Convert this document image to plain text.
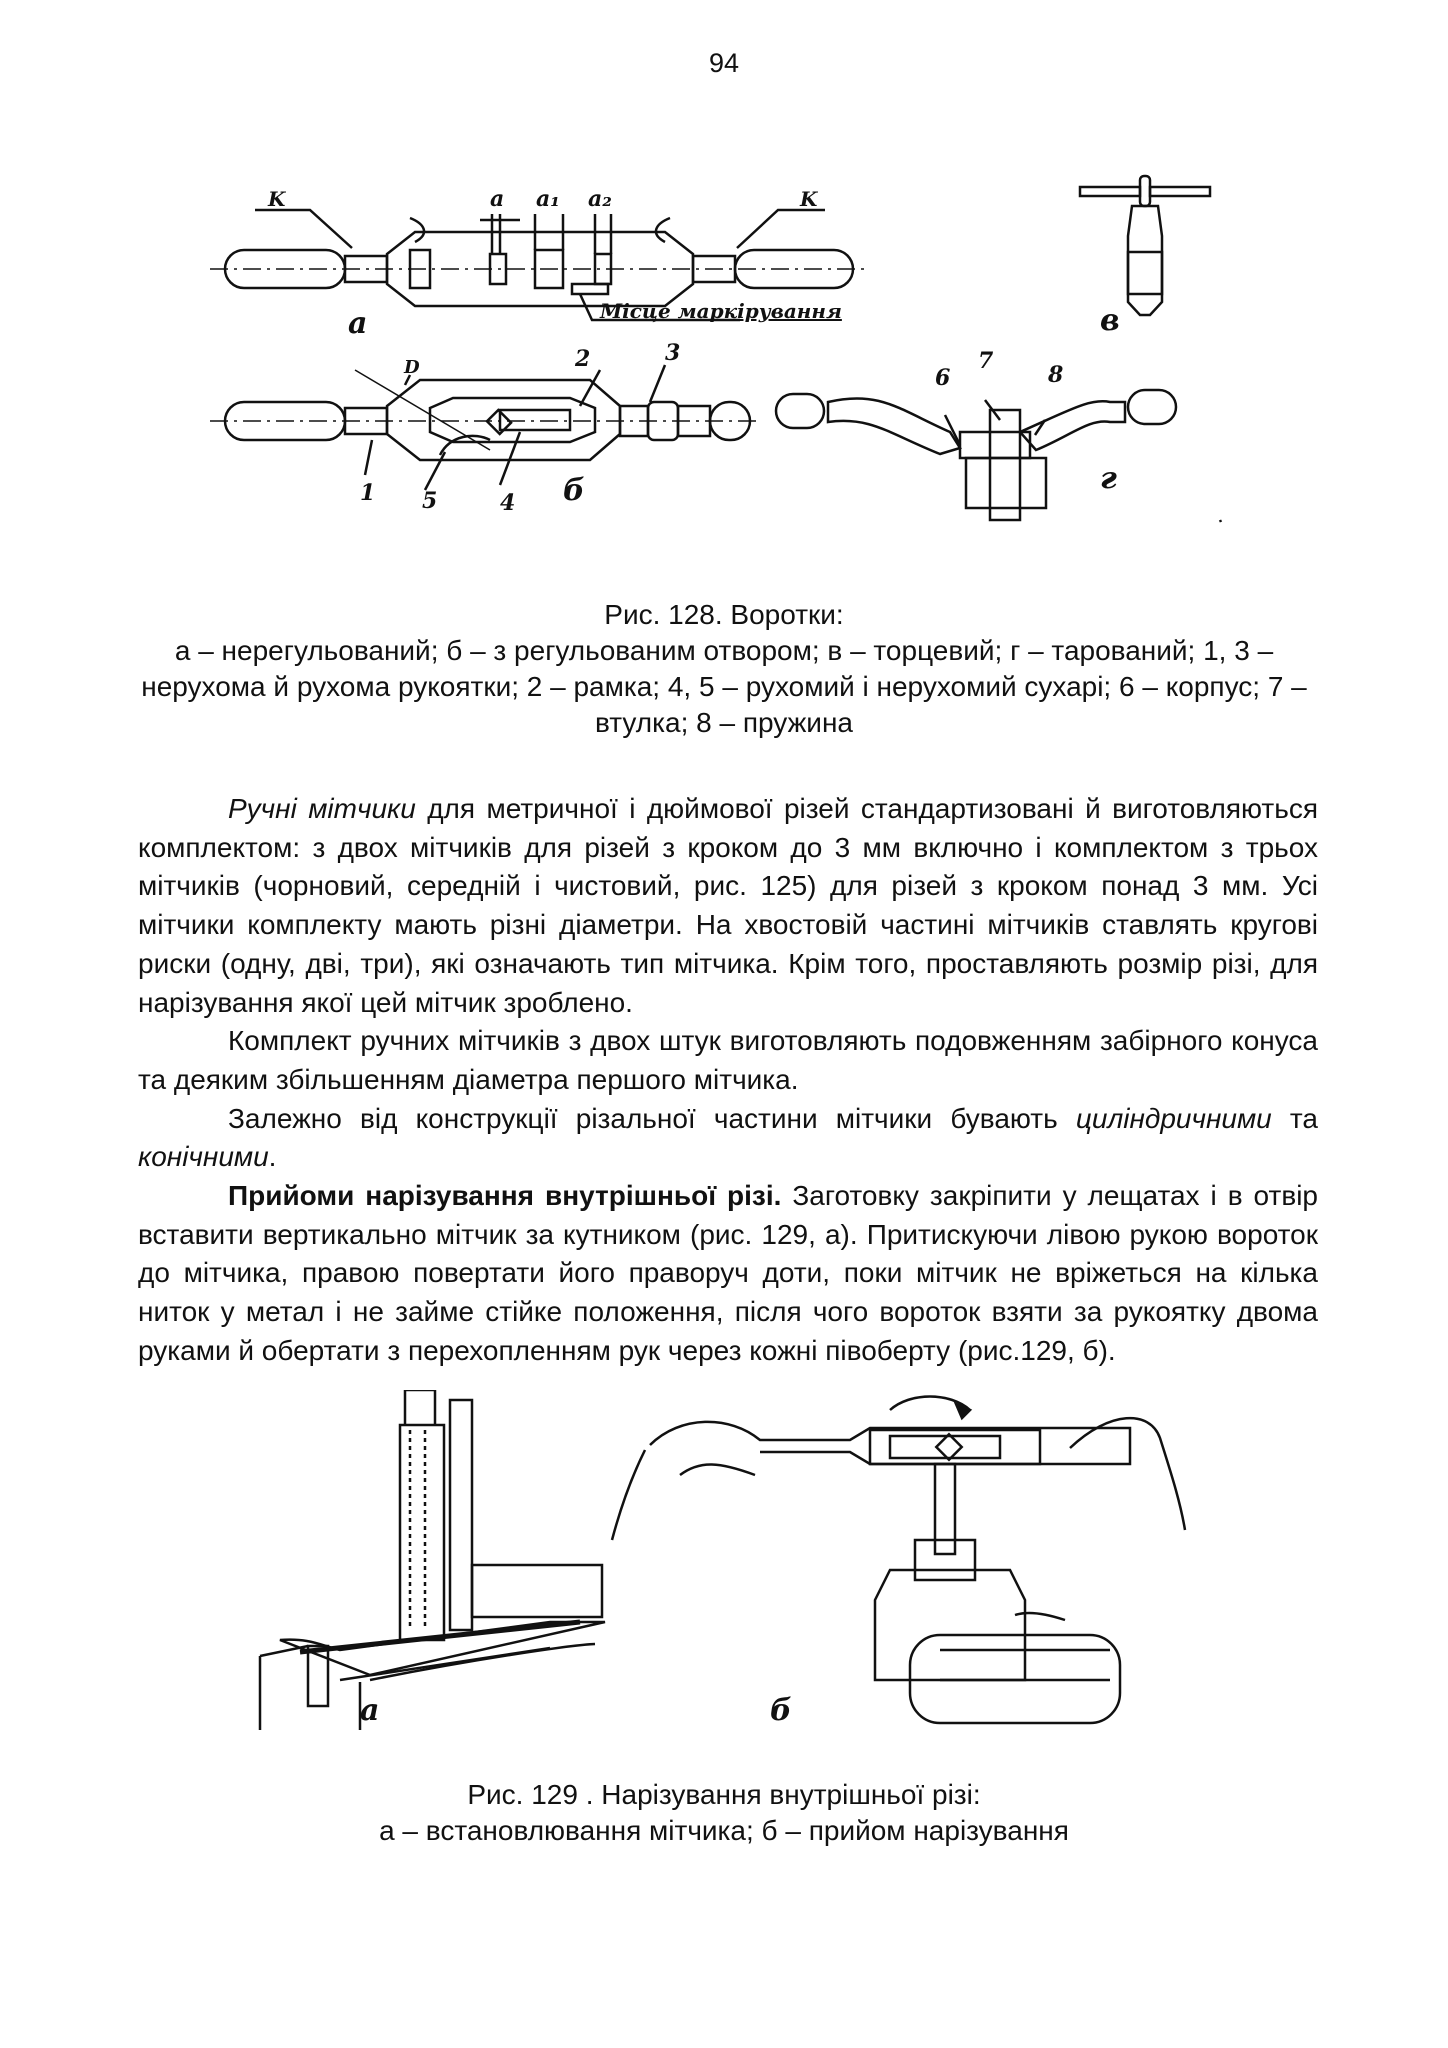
94
а
б
в
г
a a₁ a₂
K	K
D
Місце маркірування
1
2	3
4
5
6
7
8
Рис. 128. Воротки:
а – нерегульований; б – з регульованим отвором; в – торцевий; г – тарований; 1, 3 – нерухома й рухома рукоятки; 2 – рамка; 4, 5 – рухомий і нерухомий сухарі; 6 – корпус; 7 – втулка; 8 – пружина

Ручні мітчики для метричної і дюймової різей стандартизовані й виготовляються комплектом: з двох мітчиків для різей з кроком до 3 мм включно і комплектом з трьох мітчиків (чорновий, середній і чистовий, рис. 125) для різей з кроком понад 3 мм. Усі мітчики комплекту мають різні діаметри. На хвостовій частині мітчиків ставлять кругові риски (одну, дві, три), які означають тип мітчика. Крім того, проставляють розмір різі, для нарізування якої цей мітчик зроблено.

Комплект ручних мітчиків з двох штук виготовляють подовженням забірного конуса та деяким збільшенням діаметра першого мітчика.

Залежно від конструкції різальної частини мітчики бувають циліндричними та конічними.

Прийоми нарізування внутрішньої різі. Заготовку закріпити у лещатах і в отвір вставити вертикально мітчик за кутником (рис. 129, а). Притискуючи лівою рукою вороток до мітчика, правою повертати його праворуч доти, поки мітчик не вріжеться на кілька ниток у метал і не займе стійке положення, після чого вороток взяти за рукоятку двома руками й обертати з перехопленням рук через кожні півоберту (рис.129, б).

а	б
Рис. 129 . Нарізування внутрішньої різі:
а – встановлювання мітчика; б – прийом нарізування
